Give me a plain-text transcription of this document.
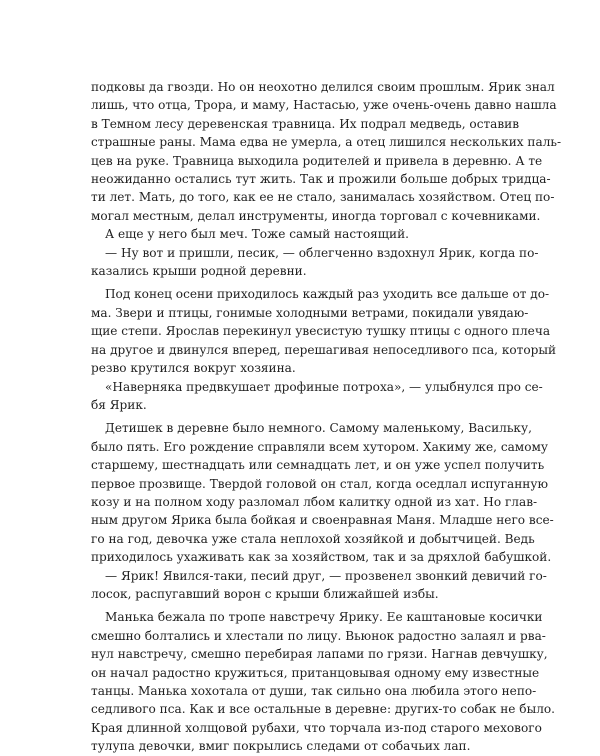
подковы да гвозди. Но он неохотно делился своим прошлым. Ярик знал
лишь, что отца, Трора, и маму, Настасью, уже очень-очень давно нашла
в Темном лесу деревенская травница. Их подрал медведь, оставив
страшные раны. Мама едва не умерла, а отец лишился нескольких паль-
цев на руке. Травница выходила родителей и привела в деревню. А те
неожиданно остались тут жить. Так и прожили больше добрых тридца-
ти лет. Мать, до того, как ее не стало, занималась хозяйством. Отец по-
могал местным, делал инструменты, иногда торговал с кочевниками.
А еще у него был меч. Тоже самый настоящий.
— Ну вот и пришли, песик, — облегченно вздохнул Ярик, когда по-
казались крыши родной деревни.
Под конец осени приходилось каждый раз уходить все дальше от до-
ма. Звери и птицы, гонимые холодными ветрами, покидали увядаю-
щие степи. Ярослав перекинул увесистую тушку птицы с одного плеча
на другое и двинулся вперед, перешагивая непоседливого пса, который
резво крутился вокруг хозяина.
«Наверняка предвкушает дрофиные потроха», — улыбнулся про се-
бя Ярик.
Детишек в деревне было немного. Самому маленькому, Васильку,
было пять. Его рождение справляли всем хутором. Хакиму же, самому
старшему, шестнадцать или семнадцать лет, и он уже успел получить
первое прозвище. Твердой головой он стал, когда оседлал испуганную
козу и на полном ходу разломал лбом калитку одной из хат. Но глав-
ным другом Ярика была бойкая и своенравная Маня. Младше него все-
го на год, девочка уже стала неплохой хозяйкой и добытчицей. Ведь
приходилось ухаживать как за хозяйством, так и за дряхлой бабушкой.
— Ярик! Явился-таки, песий друг, — прозвенел звонкий девичий го-
лосок, распугавший ворон с крыши ближайшей избы.
Манька бежала по тропе навстречу Ярику. Ее каштановые косички
смешно болтались и хлестали по лицу. Вьюнок радостно залаял и рва-
нул навстречу, смешно перебирая лапами по грязи. Нагнав девчушку,
он начал радостно кружиться, пританцовывая одному ему известные
танцы. Манька хохотала от души, так сильно она любила этого непо-
седливого пса. Как и все остальные в деревне: других-то собак не было.
Края длинной холщовой рубахи, что торчала из-под старого мехового
тулупа девочки, вмиг покрылись следами от собачьих лап.
